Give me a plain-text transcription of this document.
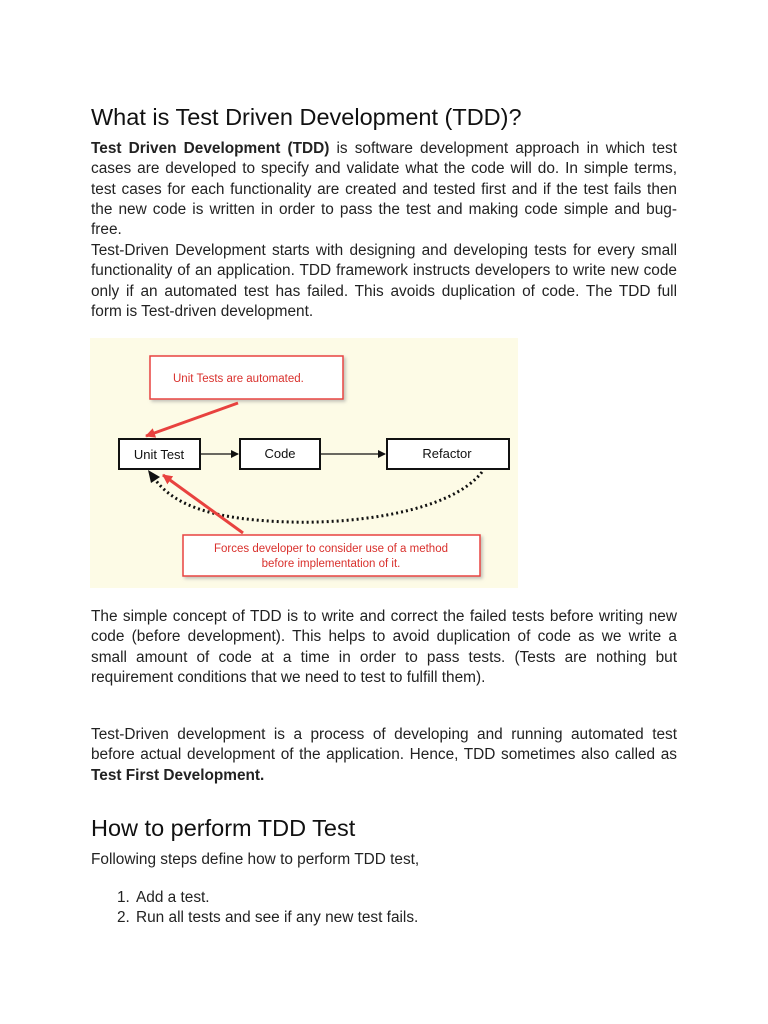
What is Test Driven Development (TDD)?

Test Driven Development (TDD) is software development approach in which test cases are developed to specify and validate what the code will do. In simple terms, test cases for each functionality are created and tested first and if the test fails then the new code is written in order to pass the test and making code simple and bug-free.

Test-Driven Development starts with designing and developing tests for every small functionality of an application. TDD framework instructs developers to write new code only if an automated test has failed. This avoids duplication of code. The TDD full form is Test-driven development.

The simple concept of TDD is to write and correct the failed tests before writing new code (before development). This helps to avoid duplication of code as we write a small amount of code at a time in order to pass tests. (Tests are nothing but requirement conditions that we need to test to fulfill them).

Test-Driven development is a process of developing and running automated test before actual development of the application. Hence, TDD sometimes also called as Test First Development.

How to perform TDD Test

Following steps define how to perform TDD test,

1. Add a test.
2. Run all tests and see if any new test fails.
Unit Tests are automated.
Unit Test	Code	Refactor
Forces developer to consider use of a method
before implementation of it.
